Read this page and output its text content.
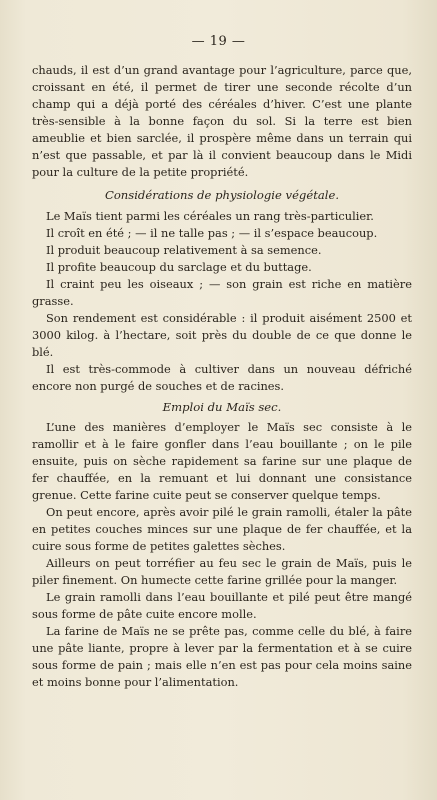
— 19 —

chauds, il est d’un grand avantage pour l’agriculture, parce que, croissant en été, il permet de tirer une seconde récolte d’un champ qui a déjà porté des céréales d’hiver. C’est une plante très-sensible à la bonne façon du sol. Si la terre est bien ameublie et bien sarclée, il prospère même dans un terrain qui n’est que passable, et par là il convient beaucoup dans le Midi pour la culture de la petite propriété.

Considérations de physiologie végétale.

Le Maïs tient parmi les céréales un rang très-particulier.

Il croît en été ; — il ne talle pas ; — il s’espace beaucoup.

Il produit beaucoup relativement à sa semence.

Il profite beaucoup du sarclage et du buttage.

Il craint peu les oiseaux ; — son grain est riche en matière grasse.

Son rendement est considérable : il produit aisément 2500 et 3000 kilog. à l’hectare, soit près du double de ce que donne le blé.

Il est très-commode à cultiver dans un nouveau défriché encore non purgé de souches et de racines.

Emploi du Maïs sec.

L’une des manières d’employer le Maïs sec consiste à le ramollir et à le faire gonfler dans l’eau bouillante ; on le pile ensuite, puis on sèche rapidement sa farine sur une plaque de fer chauffée, en la remuant et lui donnant une consistance grenue. Cette farine cuite peut se conserver quelque temps.

On peut encore, après avoir pilé le grain ramolli, étaler la pâte en petites couches minces sur une plaque de fer chauffée, et la cuire sous forme de petites galettes sèches.

Ailleurs on peut torréfier au feu sec le grain de Maïs, puis le piler finement. On humecte cette farine grillée pour la manger.

Le grain ramolli dans l’eau bouillante et pilé peut être mangé sous forme de pâte cuite encore molle.

La farine de Maïs ne se prête pas, comme celle du blé, à faire une pâte liante, propre à lever par la fermentation et à se cuire sous forme de pain ; mais elle n’en est pas pour cela moins saine et moins bonne pour l’alimentation.
